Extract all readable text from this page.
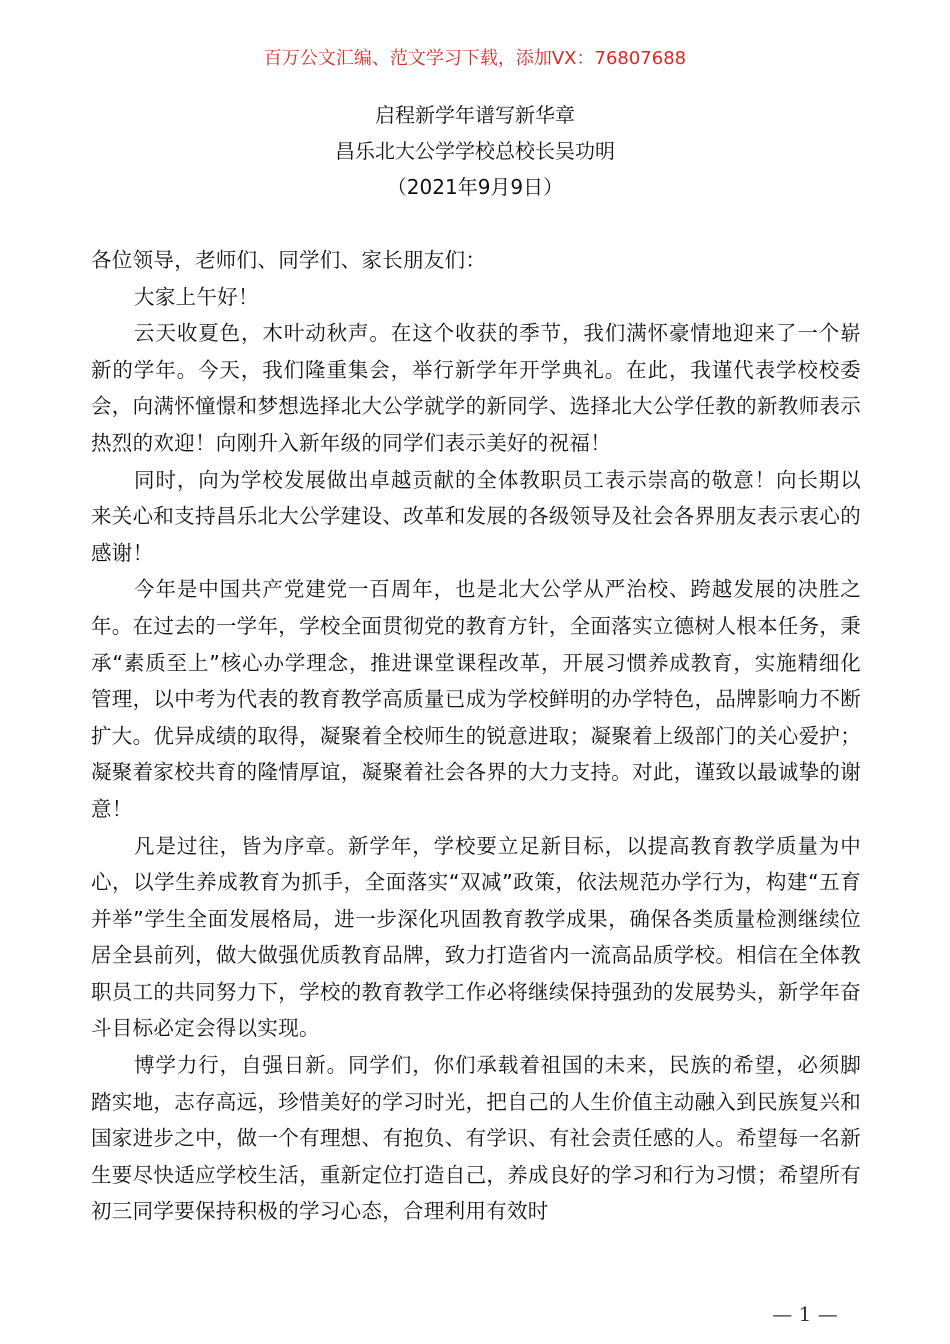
百万公文汇编、范文学习下载，添加VX：76807688
启程新学年谱写新华章
昌乐北大公学学校总校长吴功明
（2021年9月9日）

各位领导，老师们、同学们、家长朋友们：

大家上午好！

云天收夏色，木叶动秋声。在这个收获的季节，我们满怀豪情地迎来了一个崭新的学年。今天，我们隆重集会，举行新学年开学典礼。在此，我谨代表学校校委会，向满怀憧憬和梦想选择北大公学就学的新同学、选择北大公学任教的新教师表示热烈的欢迎！向刚升入新年级的同学们表示美好的祝福！

同时，向为学校发展做出卓越贡献的全体教职员工表示崇高的敬意！向长期以来关心和支持昌乐北大公学建设、改革和发展的各级领导及社会各界朋友表示衷心的感谢！

今年是中国共产党建党一百周年，也是北大公学从严治校、跨越发展的决胜之年。在过去的一学年，学校全面贯彻党的教育方针，全面落实立德树人根本任务，秉承“素质至上”核心办学理念，推进课堂课程改革，开展习惯养成教育，实施精细化管理，以中考为代表的教育教学高质量已成为学校鲜明的办学特色，品牌影响力不断扩大。优异成绩的取得，凝聚着全校师生的锐意进取；凝聚着上级部门的关心爱护；凝聚着家校共育的隆情厚谊，凝聚着社会各界的大力支持。对此，谨致以最诚挚的谢意！

凡是过往，皆为序章。新学年，学校要立足新目标，以提高教育教学质量为中心，以学生养成教育为抓手，全面落实“双减”政策，依法规范办学行为，构建“五育并举”学生全面发展格局，进一步深化巩固教育教学成果，确保各类质量检测继续位居全县前列，做大做强优质教育品牌，致力打造省内一流高品质学校。相信在全体教职员工的共同努力下，学校的教育教学工作必将继续保持强劲的发展势头，新学年奋斗目标必定会得以实现。

博学力行，自强日新。同学们，你们承载着祖国的未来，民族的希望，必须脚踏实地，志存高远，珍惜美好的学习时光，把自己的人生价值主动融入到民族复兴和国家进步之中，做一个有理想、有抱负、有学识、有社会责任感的人。希望每一名新生要尽快适应学校生活，重新定位打造自己，养成良好的学习和行为习惯；希望所有初三同学要保持积极的学习心态，合理利用有效时

— 1 —
